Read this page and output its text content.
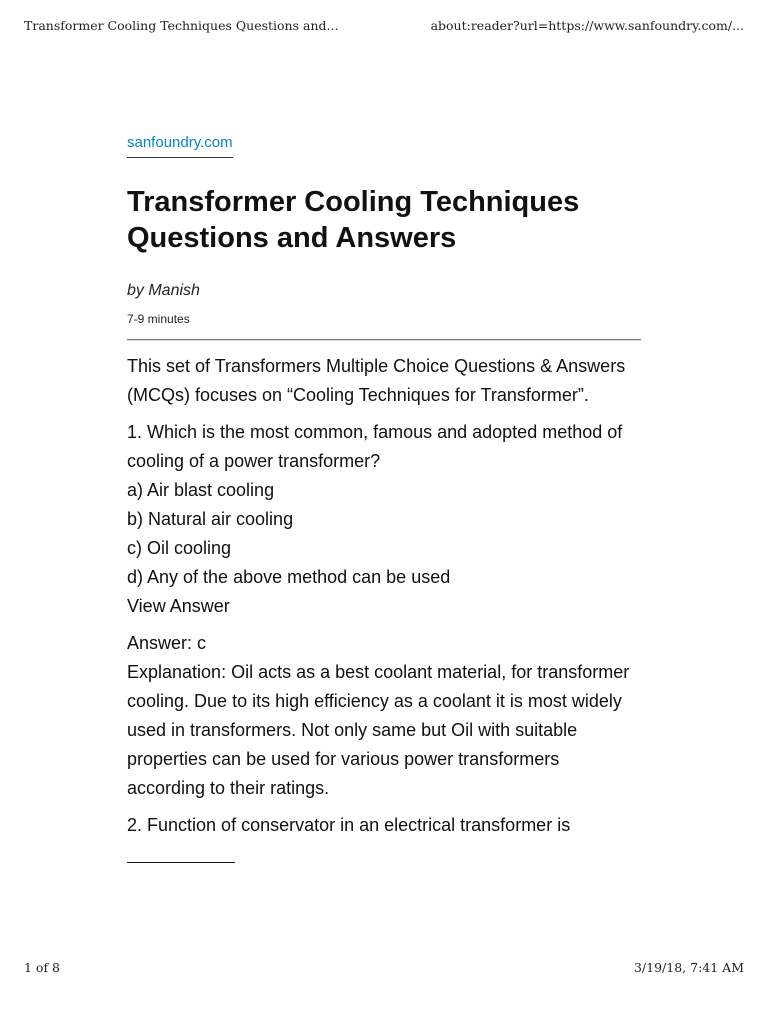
Transformer Cooling Techniques Questions and...	about:reader?url=https://www.sanfoundry.com/...
sanfoundry.com
Transformer Cooling Techniques Questions and Answers
by Manish
7-9 minutes

This set of Transformers Multiple Choice Questions & Answers (MCQs) focuses on “Cooling Techniques for Transformer”.

1. Which is the most common, famous and adopted method of cooling of a power transformer?
a) Air blast cooling
b) Natural air cooling
c) Oil cooling
d) Any of the above method can be used
View Answer

Answer: c
Explanation: Oil acts as a best coolant material, for transformer cooling. Due to its high efficiency as a coolant it is most widely used in transformers. Not only same but Oil with suitable properties can be used for various power transformers according to their ratings.

2. Function of conservator in an electrical transformer is

1 of 8	3/19/18, 7:41 AM
